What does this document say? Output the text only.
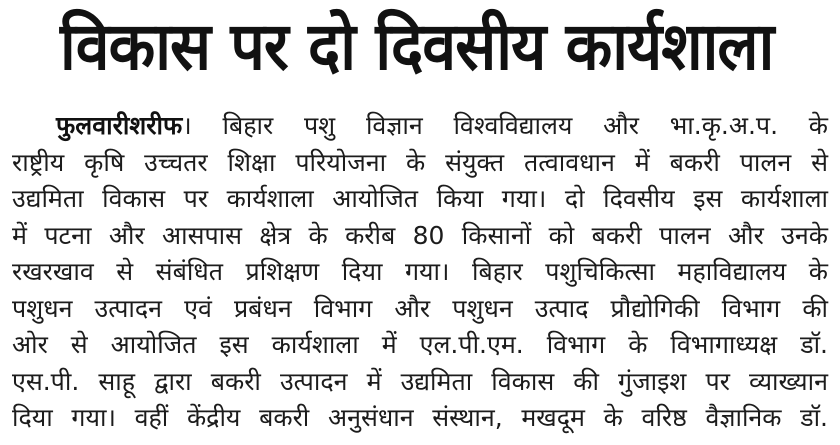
विकास पर दो दिवसीय कार्यशाला
फुलवारीशरीफ। बिहार पशु विज्ञान विश्वविद्यालय और भा.कृ.अ.प. के
राष्ट्रीय कृषि उच्चतर शिक्षा परियोजना के संयुक्त तत्वावधान में बकरी पालन से
उद्यमिता विकास पर कार्यशाला आयोजित किया गया। दो दिवसीय इस कार्यशाला
में पटना और आसपास क्षेत्र के करीब 80 किसानों को बकरी पालन और उनके
रखरखाव से संबंधित प्रशिक्षण दिया गया। बिहार पशुचिकित्सा महाविद्यालय के
पशुधन उत्पादन एवं प्रबंधन विभाग और पशुधन उत्पाद प्रौद्योगिकी विभाग की
ओर से आयोजित इस कार्यशाला में एल.पी.एम. विभाग के विभागाध्यक्ष डॉ.
एस.पी. साहू द्वारा बकरी उत्पादन में उद्यमिता विकास की गुंजाइश पर व्याख्यान
दिया गया। वहीं केंद्रीय बकरी अनुसंधान संस्थान, मखदूम के वरिष्ठ वैज्ञानिक डॉ.
